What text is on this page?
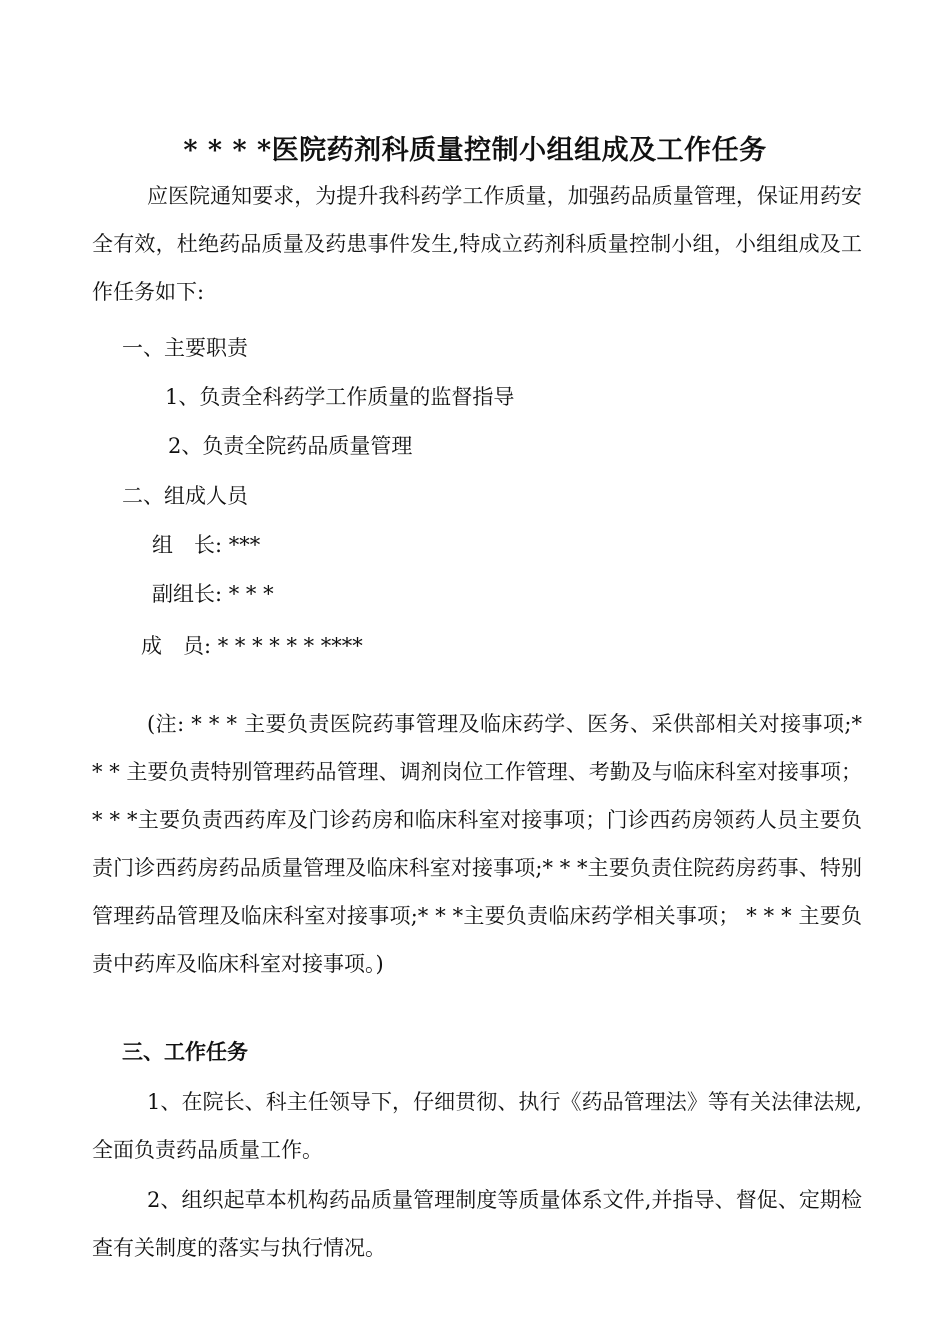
* * * *医院药剂科质量控制小组组成及工作任务
应医院通知要求，为提升我科药学工作质量，加强药品质量管理，保证用药安全有效，杜绝药品质量及药患事件发生,特成立药剂科质量控制小组，小组组成及工作任务如下:
一、主要职责
1、负责全科药学工作质量的监督指导
2、负责全院药品质量管理
二、组成人员
组　长: ***
副组长: * * *
成　员: * * * * * * ****
(注: * * * 主要负责医院药事管理及临床药学、医务、采供部相关对接事项;* * * 主要负责特别管理药品管理、调剂岗位工作管理、考勤及与临床科室对接事项； * * *主要负责西药库及门诊药房和临床科室对接事项；门诊西药房领药人员主要负责门诊西药房药品质量管理及临床科室对接事项;* * *主要负责住院药房药事、特别管理药品管理及临床科室对接事项;* * *主要负责临床药学相关事项； * * * 主要负责中药库及临床科室对接事项。)
三、工作任务
1、在院长、科主任领导下，仔细贯彻、执行《药品管理法》等有关法律法规,全面负责药品质量工作。
2、组织起草本机构药品质量管理制度等质量体系文件,并指导、督促、定期检查有关制度的落实与执行情况。
